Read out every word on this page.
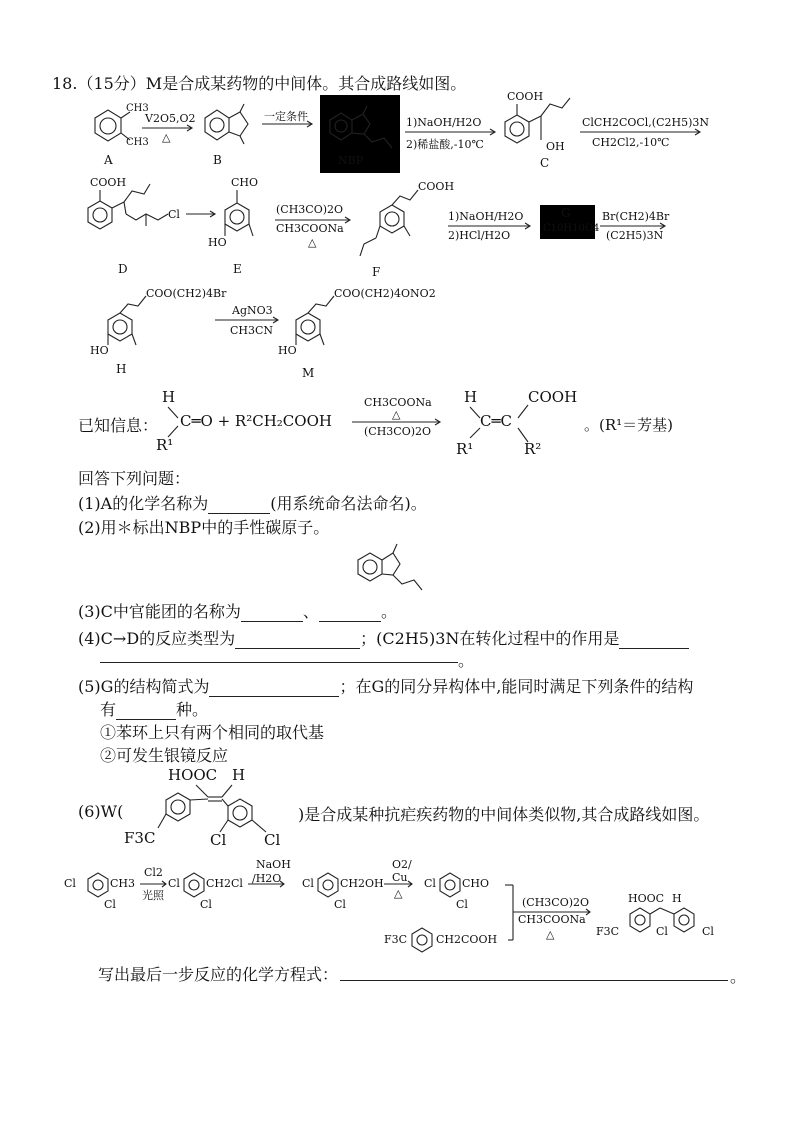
18.（15分）M是合成某药物的中间体。其合成路线如图。
CH3
CH3
A
V2O5,O2
△
B
一定条件
NBP
1)NaOH/H2O
2)稀盐酸,-10℃
COOH
OH
C
ClCH2COCl,(C2H5)3N
CH2Cl2,-10℃
COOH
Cl
D
CHO
HO
E
(CH3CO)2O
CH3COONa
△
COOH
F
1)NaOH/H2O
2)HCl/H2O
G
C10H10O4
Br(CH2)4Br
(C2H5)3N
COO(CH2)4Br
HO
H
AgNO3
CH3CN
COO(CH2)4ONO2
HO
M
已知信息：
H
C═O + R²CH₂COOH
R¹
CH3COONa
△
(CH3CO)2O
H	COOH
C═C
R¹	R²
。(R¹＝芳基)
回答下列问题：
(1)A的化学名称为	(用系统命名法命名)。
(2)用＊标出NBP中的手性碳原子。
(3)C中官能团的名称为	、	。
(4)C→D的反应类型为	；(C2H5)3N在转化过程中的作用是
。
(5)G的结构简式为	；在G的同分异构体中,能同时满足下列条件的结构
有	种。
①苯环上只有两个相同的取代基
②可发生银镜反应
HOOC H
(6)W(	)是合成某种抗疟疾药物的中间体类似物,其合成路线如图。
F3C	Cl	Cl
Cl	CH3
Cl
Cl2
光照
Cl CH2Cl
Cl
NaOH
/H2O Cl CH2OH
Cl
O2/
Cu
△
Cl CHO
Cl
F3C	CH2COOH
(CH3CO)2O
CH3COONa
△
HOOC H
F3C	Cl	Cl
写出最后一步反应的化学方程式：	。
